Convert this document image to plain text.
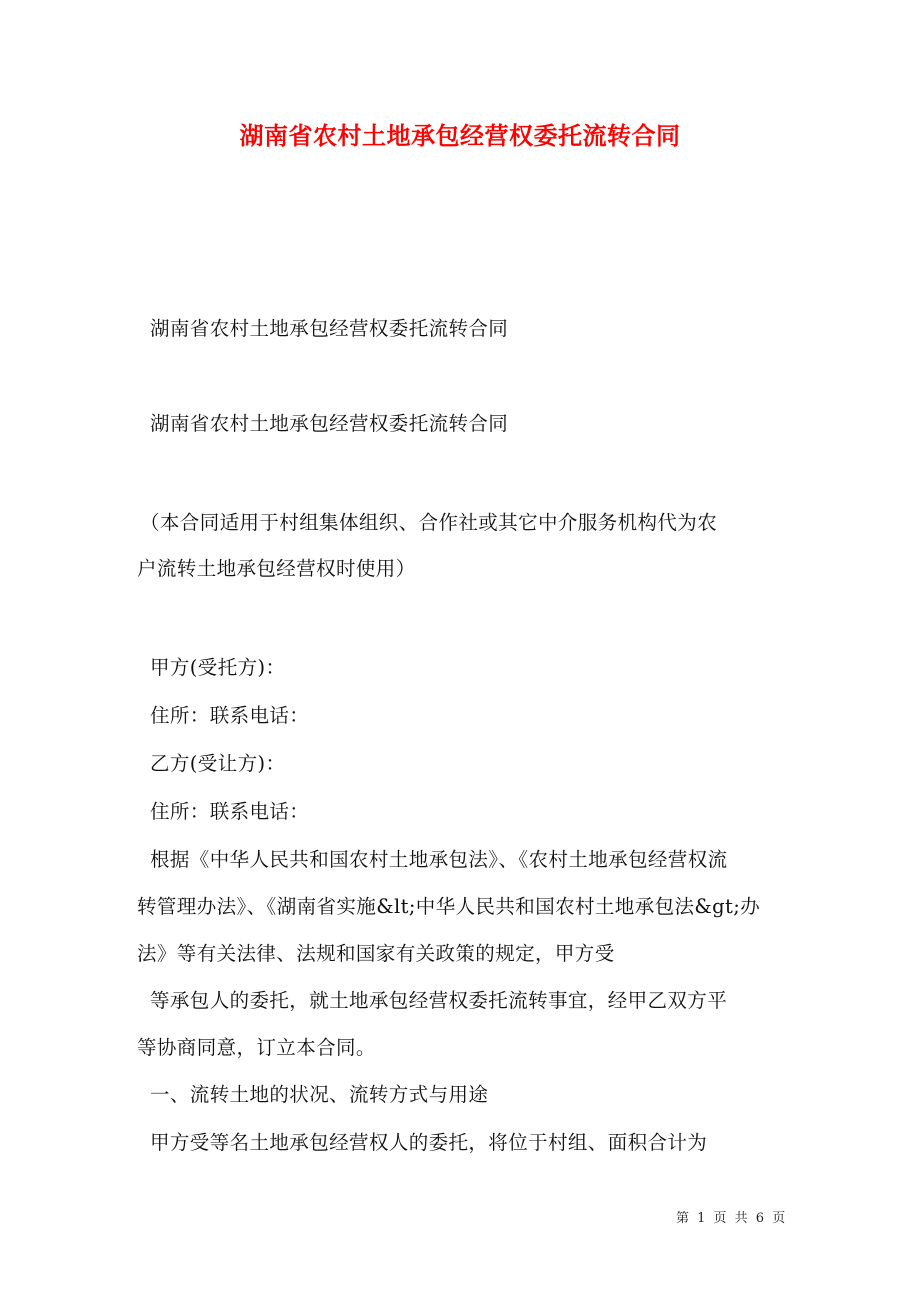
湖南省农村土地承包经营权委托流转合同
湖南省农村土地承包经营权委托流转合同
湖南省农村土地承包经营权委托流转合同
（本合同适用于村组集体组织、合作社或其它中介服务机构代为农
户流转土地承包经营权时使用）
甲方(受托方)：
住所：联系电话：
乙方(受让方)：
住所：联系电话：
根据《中华人民共和国农村土地承包法》、《农村土地承包经营权流
转管理办法》、《湖南省实施&lt;中华人民共和国农村土地承包法&gt;办
法》等有关法律、法规和国家有关政策的规定，甲方受
等承包人的委托，就土地承包经营权委托流转事宜，经甲乙双方平
等协商同意，订立本合同。
一、流转土地的状况、流转方式与用途
甲方受等名土地承包经营权人的委托，将位于村组、面积合计为
第 1 页 共 6 页
